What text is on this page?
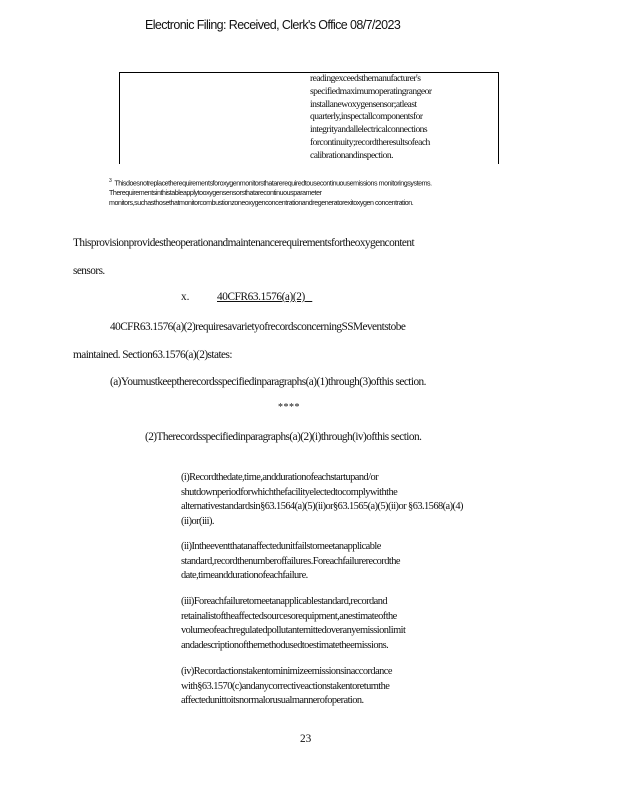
Electronic Filing: Received, Clerk's Office 08/7/2023
readingexceedsthemanufacturer's specifiedmaximumoperatingrangeor installanewoxygensensor;atleast quarterly,inspectallcomponentsfor integrityandallelectricalconnections forcontinuity;recordtheresultsofeach calibrationandinspection.
$^3$ Thisdoesnotreplacetherequirementsforoxygenmonitorsthatarerequiredtousecontinuousemissions monitoringsystems. Therequirementsinthistableapplytooxygensensorsthatarecontinuousparameter monitors,suchasthosethatmonitorcombustionzoneoxygenconcentrationandregeneratorexitoxygen concentration.
Thisprovisionprovidestheoperationandmaintenancerequirementsfortheoxygencontent
sensors.
x. 40CFR63.1576(a)(2)
40CFR63.1576(a)(2)requiresavarietyofrecordsconcerningSSMeventstobe
maintained. Section63.1576(a)(2)states:
(a)Youmustkeeptherecordsspecifiedinparagraphs(a)(1)through(3)ofthis section.
****
(2)Therecordsspecifiedinparagraphs(a)(2)(i)through(iv)ofthis section.
(i)Recordthedate,time,anddurationofeachstartupand/or shutdownperiodforwhichthefacilityelectedtocomplywiththe alternativestandardsin§63.1564(a)(5)(ii)or§63.1565(a)(5)(ii)or §63.1568(a)(4)(ii)or(iii).
(ii)Intheeventthatanaffectedunitfailstomeetanapplicable standard,recordthenumberoffailures.Foreachfailurerecordthe date,timeanddurationofeachfailure.
(iii)Foreachfailuretomeetanapplicablestandard,recordand retainalistoftheaffectedsourcesorequipment,anestimateofthe volumeofeachregulatedpollutantemittedoveranyemissionlimit andadescriptionofthemethodusedtoestimatetheemissions.
(iv)Recordactionstakentominimizeemissionsinaccordance with§63.1570(c)andanycorrectiveactionstakentoreturnthe affectedunittoitsnormalorusualmannerofoperation.
23
